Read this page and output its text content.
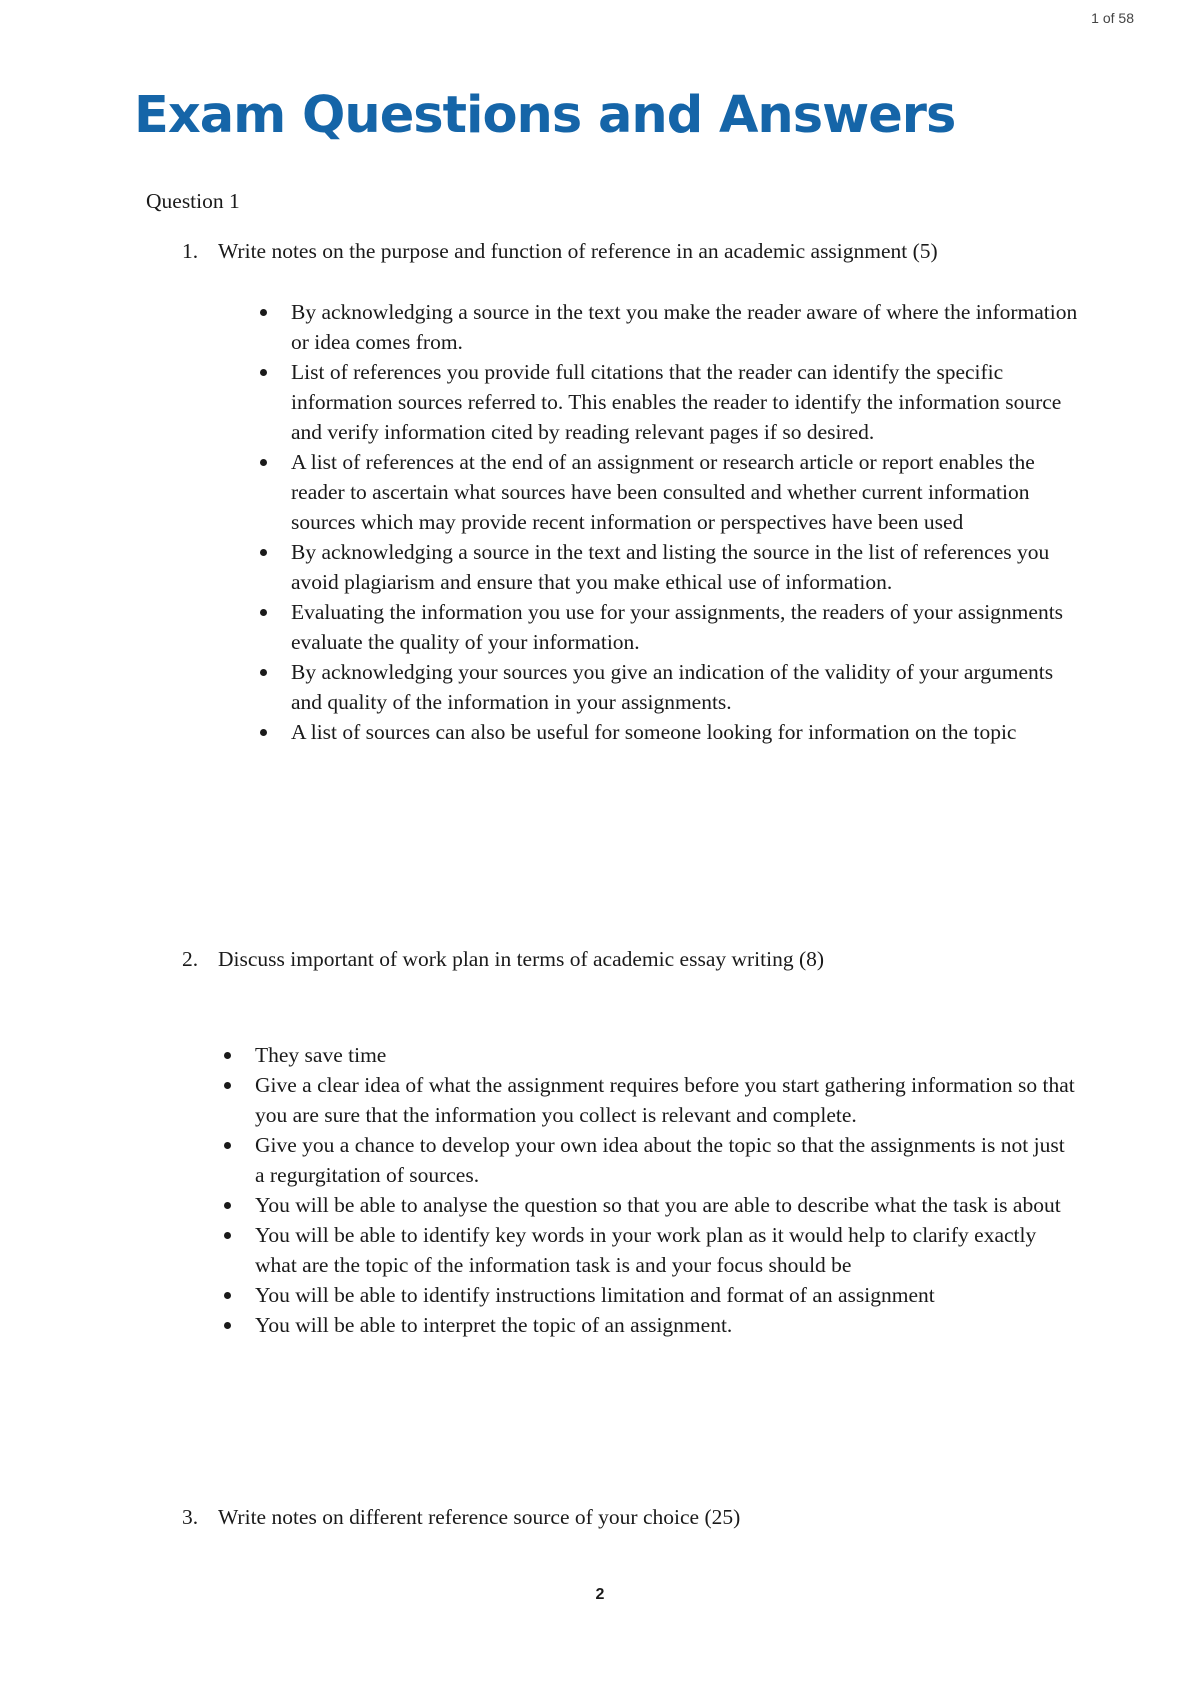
1 of 58
Exam Questions and Answers
Question 1

1. Write notes on the purpose and function of reference in an academic assignment (5)

By acknowledging a source in the text you make the reader aware of where the information or idea comes from.
List of references you provide full citations that the reader can identify the specific information sources referred to. This enables the reader to identify the information source and verify information cited by reading relevant pages if so desired.
A list of references at the end of an assignment or research article or report enables the reader to ascertain what sources have been consulted and whether current information sources which may provide recent information or perspectives have been used
By acknowledging a source in the text and listing the source in the list of references you avoid plagiarism and ensure that you make ethical use of information.
Evaluating the information you use for your assignments, the readers of your assignments evaluate the quality of your information.
By acknowledging your sources you give an indication of the validity of your arguments and quality of the information in your assignments.
A list of sources can also be useful for someone looking for information on the topic

2. Discuss important of work plan in terms of academic essay writing (8)

They save time
Give a clear idea of what the assignment requires before you start gathering information so that you are sure that the information you collect is relevant and complete.
Give you a chance to develop your own idea about the topic so that the assignments is not just a regurgitation of sources.
You will be able to analyse the question so that you are able to describe what the task is about
You will be able to identify key words in your work plan as it would help to clarify exactly what are the topic of the information task is and your focus should be
You will be able to identify instructions limitation and format of an assignment
You will be able to interpret the topic of an assignment.

3. Write notes on different reference source of your choice (25)

2
